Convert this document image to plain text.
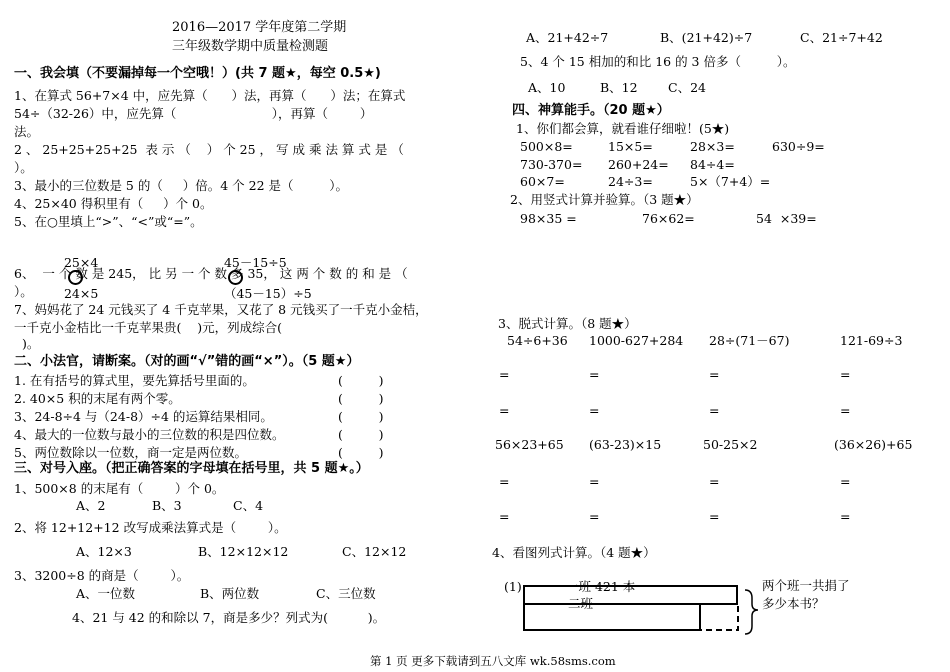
2016—2017 学年度第二学期
三年级数学期中质量检测题
一、我会填（不要漏掉每一个空哦！）(共 7 题★，每空 0.5★)
1、在算式 56+7×4 中，应先算（      ）法，再算（      ）法；在算式
54÷（32-26）中，应先算（                        ），再算（        ）
法。
2 、 25+25+25+25  表 示 （    ） 个 25 ， 写 成 乘 法 算 式 是 （
）。
3、最小的三位数是 5 的（     ）倍。4 个 22 是（         ）。
4、25×40 得积里有（     ）个 0。
5、在○里填上“>”、“<”或“=”。

25×4

24×5

45－15÷5

（45－15）÷5

6、  一 个 数 是 245， 比 另 一 个 数 多 35， 这 两 个 数 的 和 是 （
）。
7、妈妈花了 24 元钱买了 4 千克苹果，又花了 8 元钱买了一千克小金桔，
一千克小金桔比一千克苹果贵(    )元，列成综合(
)。
二、小法官，请断案。（对的画“√”错的画“×”）。（5 题★）
1. 在有括号的算式里，要先算括号里面的。	(         )
2. 40×5 积的末尾有两个零。	(         )
3、24-8÷4 与（24-8）÷4 的运算结果相同。	(         )
4、最大的一位数与最小的三位数的积是四位数。	(         )
5、两位数除以一位数，商一定是两位数。	(         )
三、对号入座。（把正确答案的字母填在括号里，共 5 题★。）
1、500×8 的末尾有（        ）个 0。
A、2	B、3	C、4
2、将 12+12+12 改写成乘法算式是（        ）。
A、12×3	B、12×12×12	C、12×12
3、3200÷8 的商是（        ）。
A、一位数	B、两位数	C、三位数
4、21 与 42 的和除以 7，商是多少？列式为(          )。
A、21+42÷7	B、(21+42)÷7	C、21÷7+42
5、4 个 15 相加的和比 16 的 3 倍多（         ）。
A、10	B、12 C、24
四、神算能手。（20 题★）
1、你们都会算，就看谁仔细啦！(5★)
500×8=	15×5=	28×3=	630÷9=
730-370= 260+24= 84÷4=
60×7=	24÷3=	5×（7+4）=
2、用竖式计算并验算。（3 题★）
98×35 =	76×62=	54  ×39=
3、脱式计算。（8 题★）
54÷6+36 1000-627+284 28÷(71－67)	121-69÷3
=	=	=	=
=	=	=	=
56×23+65 (63-23)×15	50-25×2	(36×26)+65
=	=	=	=
=	=	=	=
4、看图列式计算。（4 题★）
(1)	一班 421 本
二班
两个班一共捐了
多少本书？
第 1 页 更多下载请到五八文库 wk.58sms.com
